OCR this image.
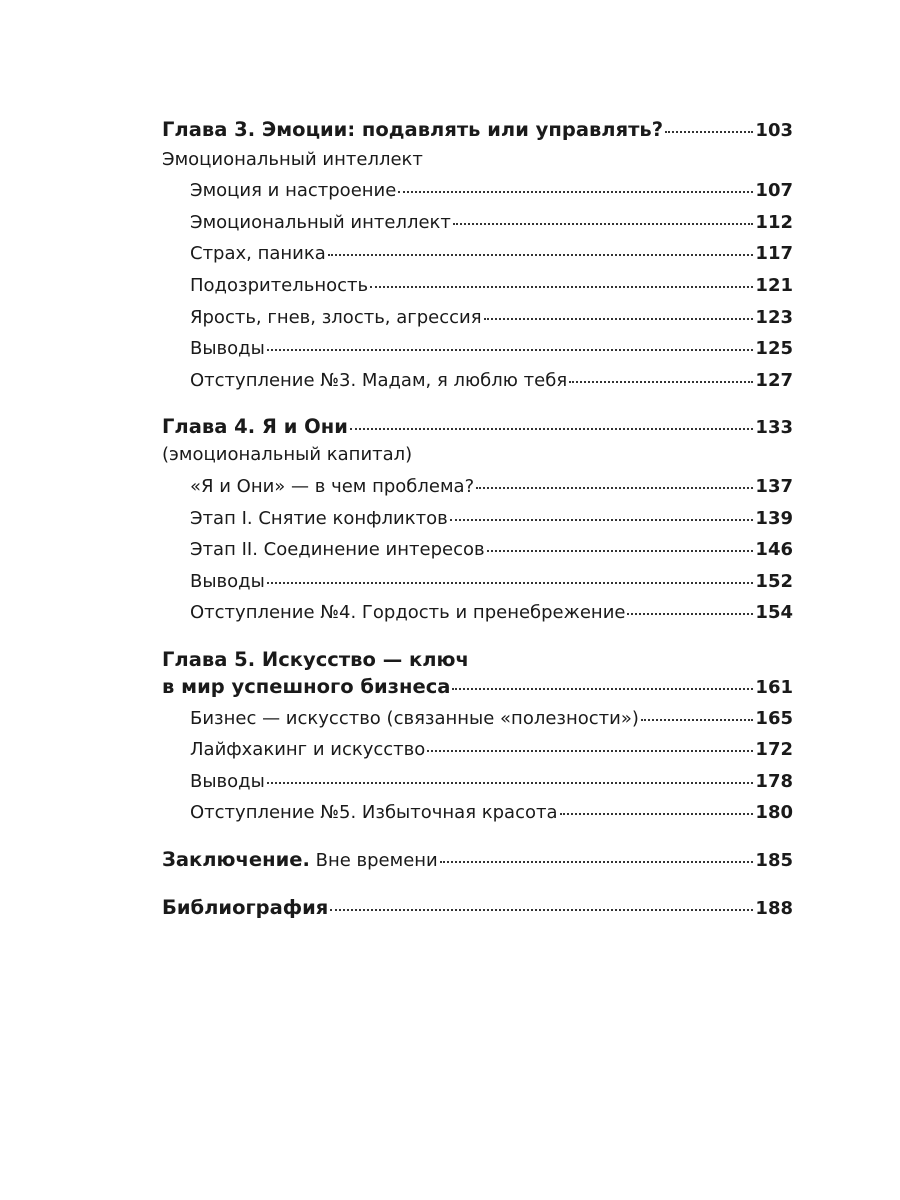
Глава 3. Эмоции: подавлять или управлять?	103
Эмоциональный интеллект
Эмоция и настроение	107
Эмоциональный интеллект	112
Страх, паника	117
Подозрительность	121
Ярость, гнев, злость, агрессия	123
Выводы	125
Отступление №3. Мадам, я люблю тебя	127
Глава 4. Я и Они	133
(эмоциональный капитал)
«Я и Они» — в чем проблема?	137
Этап I. Снятие конфликтов	139
Этап II. Соединение интересов	146
Выводы	152
Отступление №4. Гордость и пренебрежение	154
Глава 5. Искусство — ключ
в мир успешного бизнеса	161
Бизнес — искусство (связанные «полезности»)	165
Лайфхакинг и искусство	172
Выводы	178
Отступление №5. Избыточная красота	180
Заключение. Вне времени	185
Библиография	188
